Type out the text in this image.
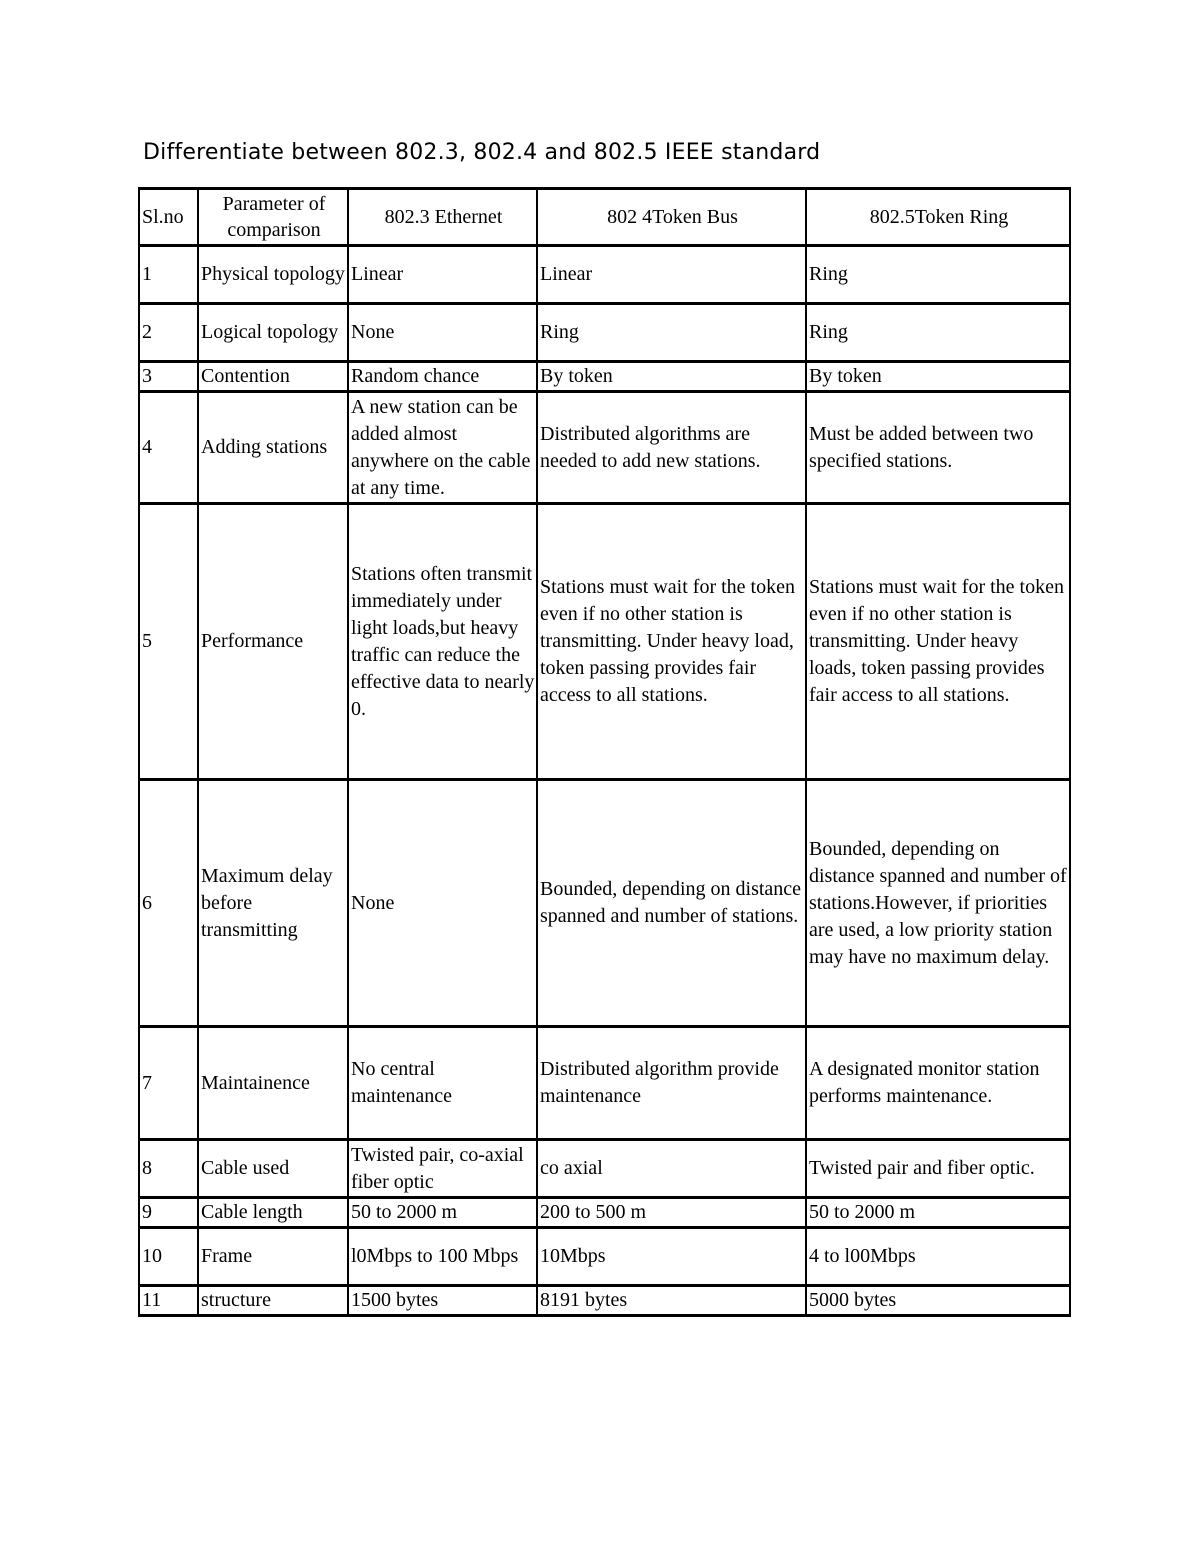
Differentiate between 802.3, 802.4 and 802.5 IEEE standard
Sl.no	Parameter of comparison	802.3 Ethernet	802 4Token Bus	802.5Token Ring
1	Physical topology	Linear	Linear	Ring
2	Logical topology	None	Ring	Ring
3	Contention	Random chance	By token	By token
4	Adding stations	A new station can be added almost anywhere on the cable at any time.	Distributed algorithms are needed to add new stations.	Must be added between two specified stations.
5	Performance	Stations often transmit immediately under light loads,but heavy traffic can reduce the effective data to nearly 0.	Stations must wait for the token even if no other station is transmitting. Under heavy load, token passing provides fair access to all stations.	Stations must wait for the token even if no other station is transmitting. Under heavy loads, token passing provides fair access to all stations.
6	Maximum delay before transmitting	None	Bounded, depending on distance spanned and number of stations.	Bounded, depending on distance spanned and number of stations.However, if priorities are used, a low priority station may have no maximum delay.
7	Maintainence	No central maintenance	Distributed algorithm provide maintenance	A designated monitor station performs maintenance.
8	Cable used	Twisted pair, co-axial fiber optic	co axial	Twisted pair and fiber optic.
9	Cable length	50 to 2000 m	200 to 500 m	50 to 2000 m
10	Frame	l0Mbps to 100 Mbps	10Mbps	4 to l00Mbps
11	structure	1500 bytes	8191 bytes	5000 bytes
